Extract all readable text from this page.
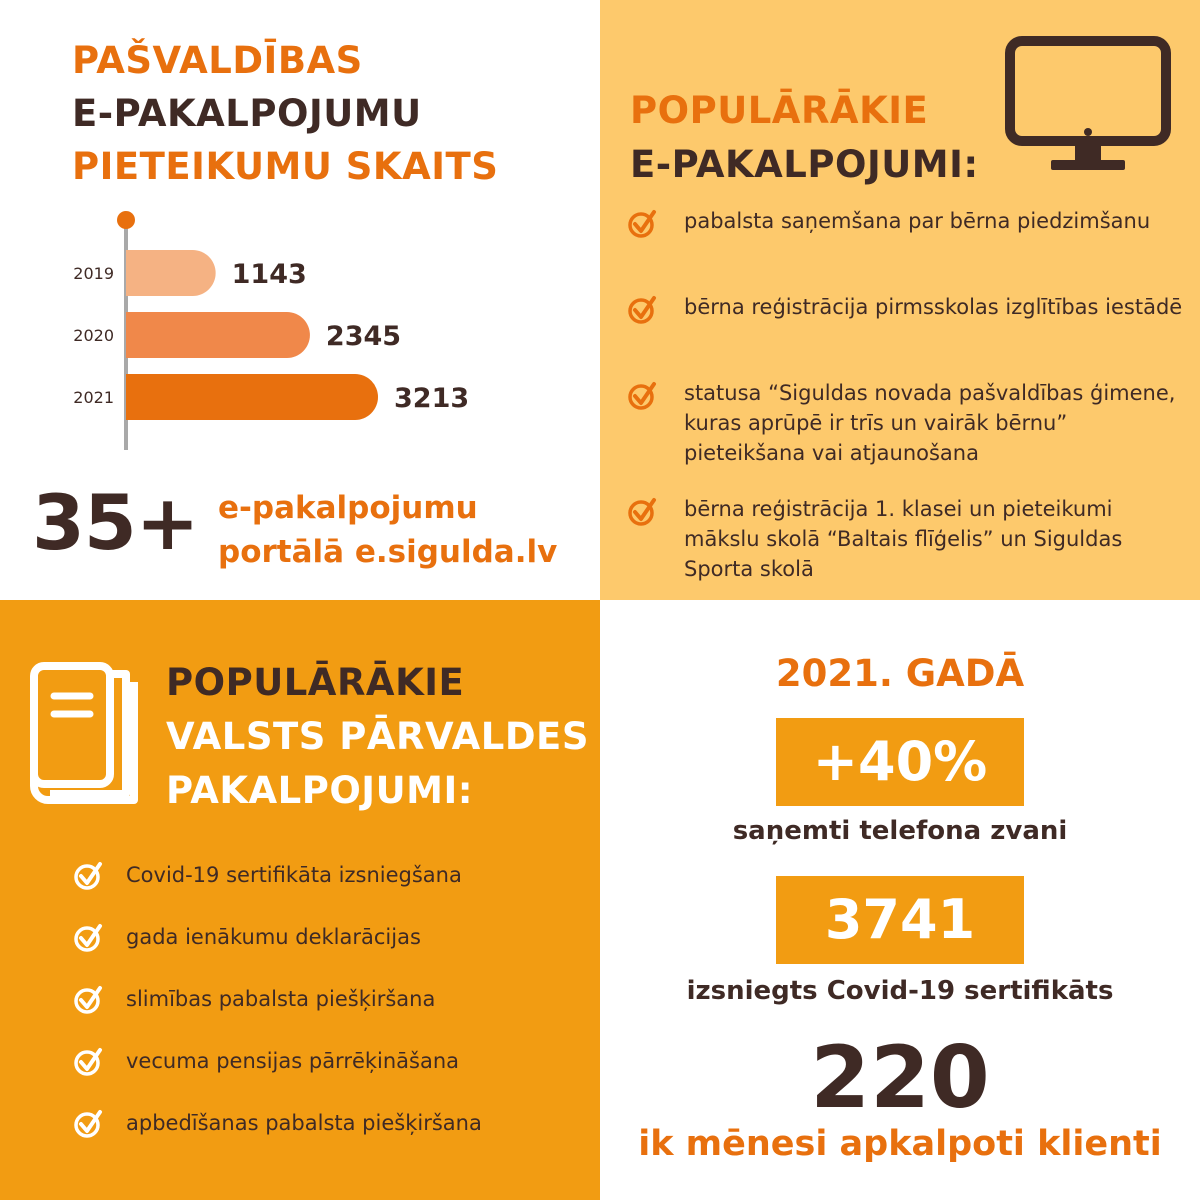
PAŠVALDĪBAS
E-PAKALPOJUMU
PIETEIKUMU SKAITS
2019	1143
2020	2345
2021	3213
35+ e-pakalpojumu
portālā e.sigulda.lv
POPULĀRĀKIE
E-PAKALPOJUMI:
pabalsta saņemšana par bērna piedzimšanu
bērna reģistrācija pirmsskolas izglītības iestādē
statusa “Siguldas novada pašvaldības ģimene, kuras aprūpē ir trīs un vairāk bērnu” pieteikšana vai atjaunošana
bērna reģistrācija 1. klasei un pieteikumi mākslu skolā “Baltais flīģelis” un Siguldas Sporta skolā
POPULĀRĀKIE
VALSTS PĀRVALDES
PAKALPOJUMI:
Covid-19 sertifikāta izsniegšana
gada ienākumu deklarācijas
slimības pabalsta piešķiršana
vecuma pensijas pārrēķināšana
apbedīšanas pabalsta piešķiršana
2021. GADĀ
+40%
saņemti telefona zvani
3741
izsniegts Covid-19 sertifikāts
220
ik mēnesi apkalpoti klienti
